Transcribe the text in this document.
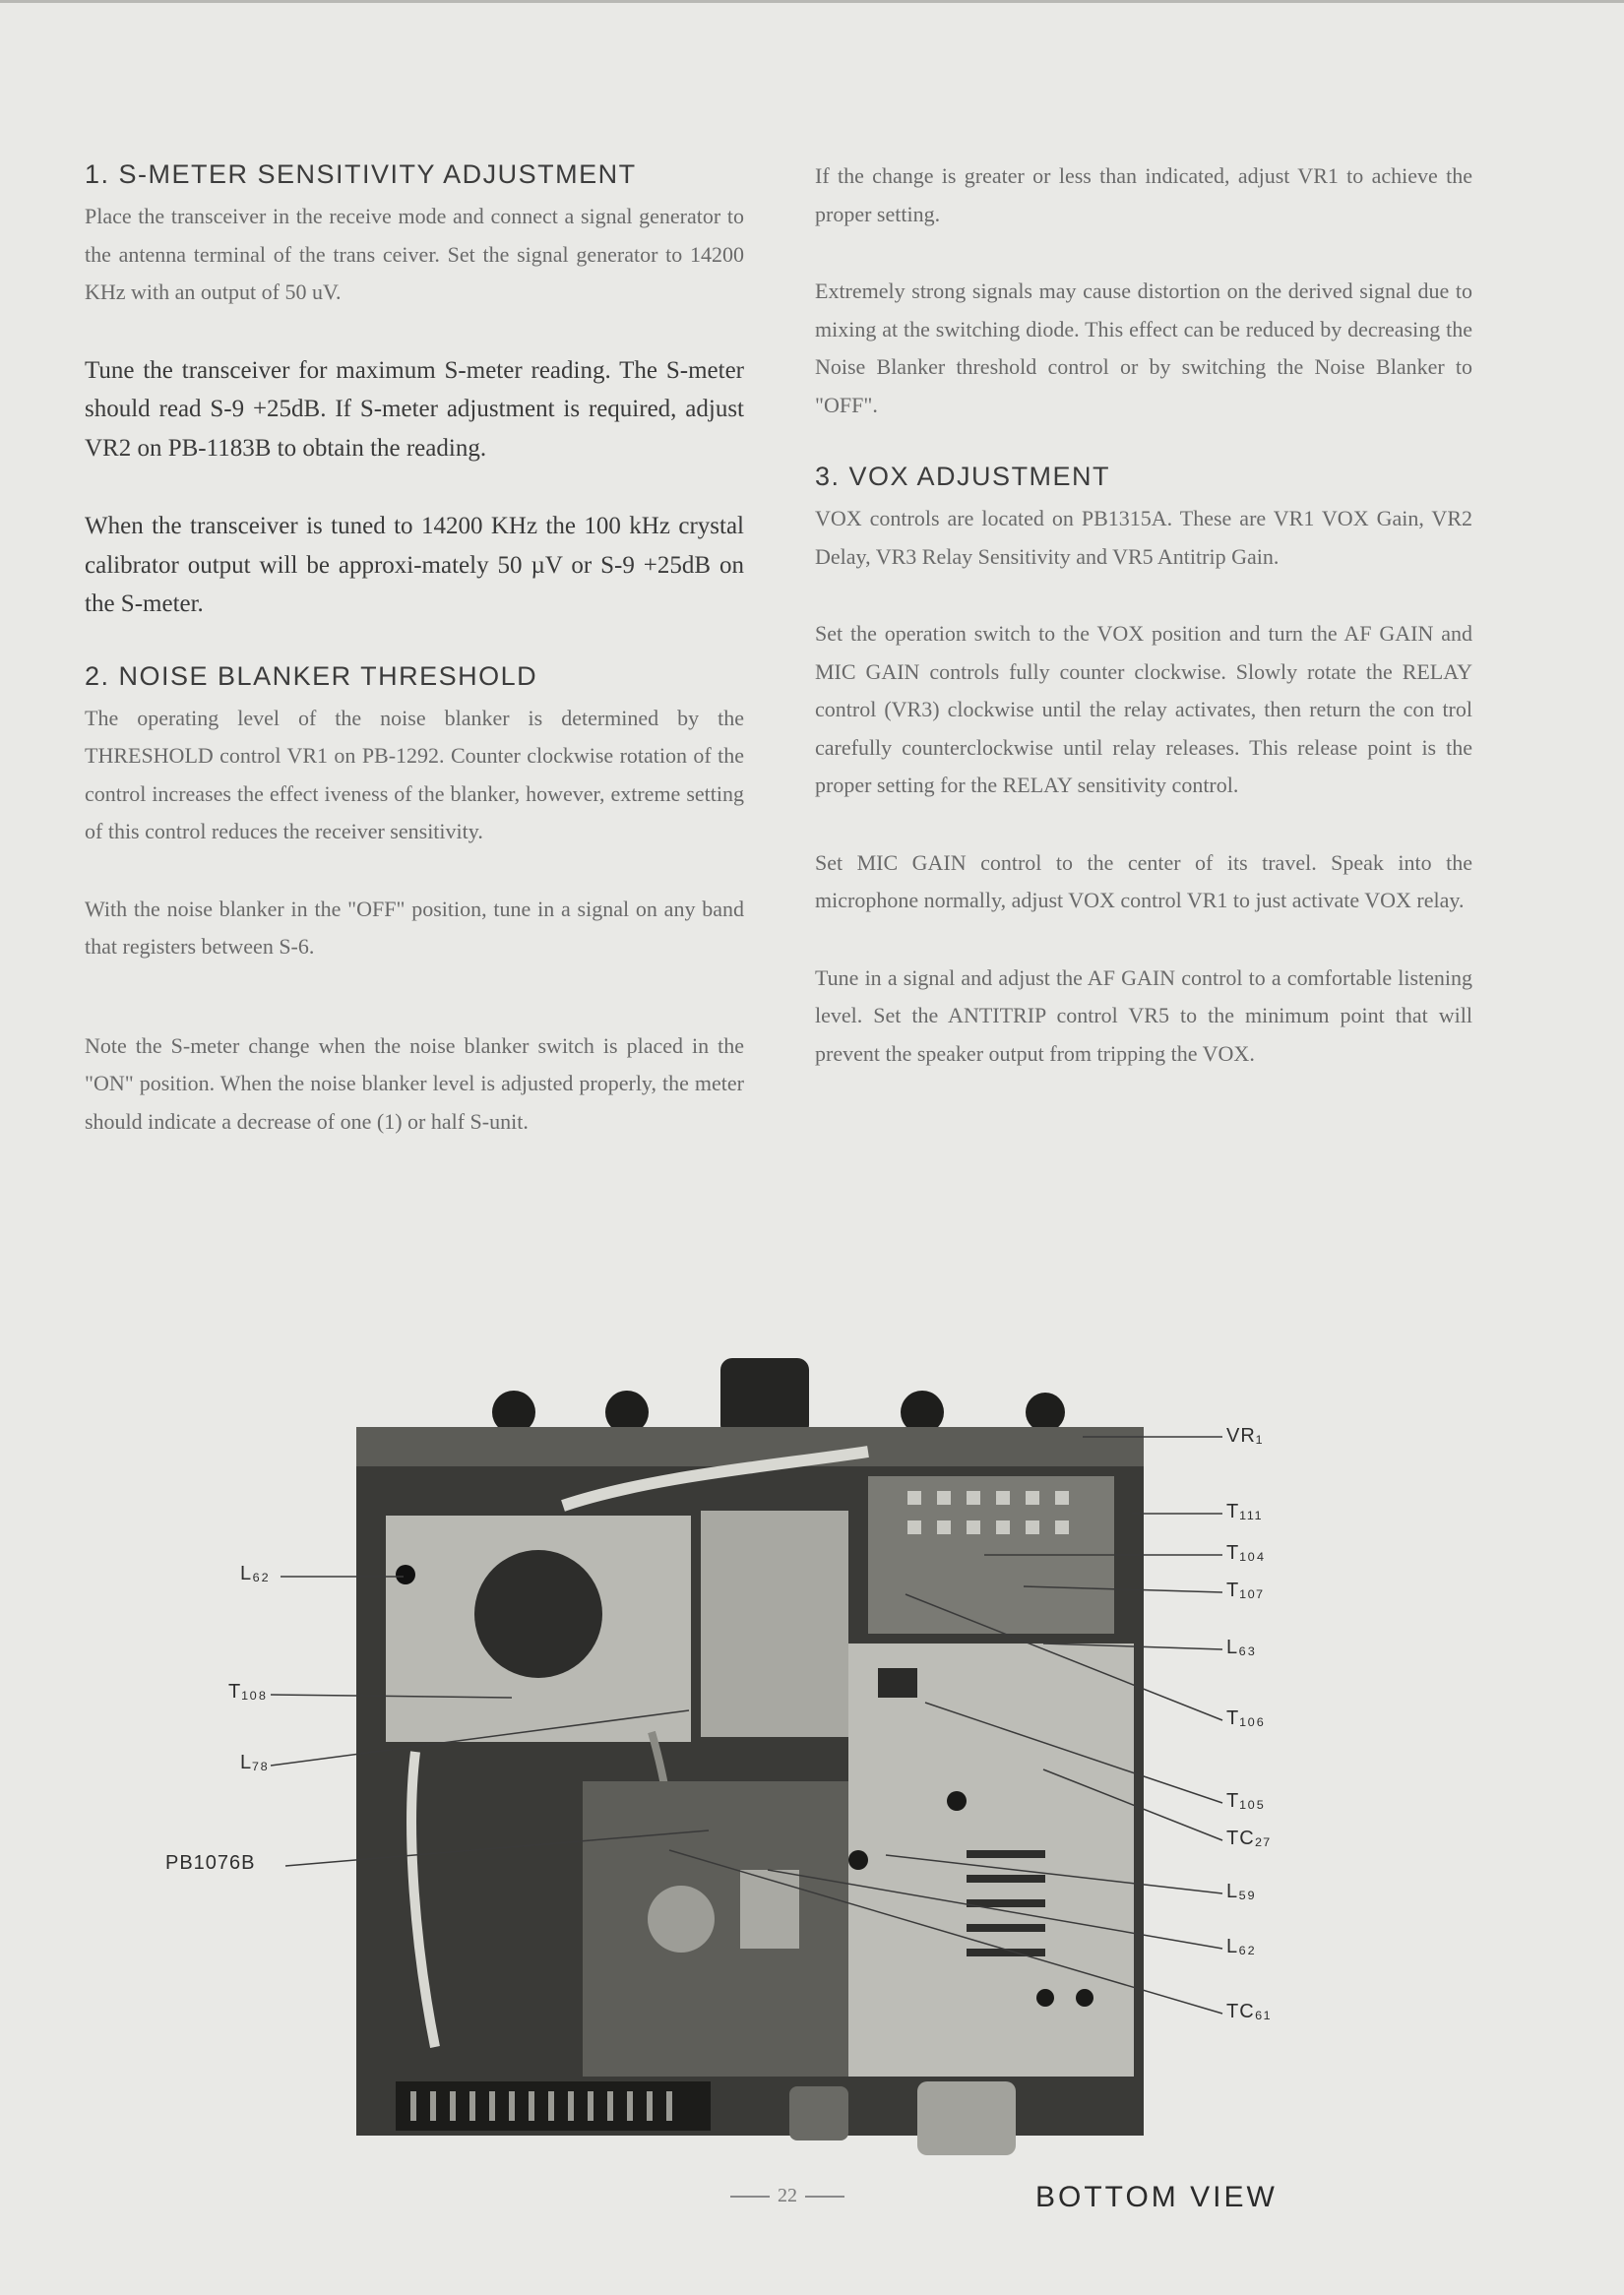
1. S-METER SENSITIVITY ADJUSTMENT

Place the transceiver in the receive mode and connect a signal generator to the antenna terminal of the trans ceiver. Set the signal generator to 14200 KHz with an output of 50 uV.

Tune the transceiver for maximum S-meter reading. The S-meter should read S-9 +25dB. If S-meter adjustment is required, adjust VR2 on PB-1183B to obtain the reading.

When the transceiver is tuned to 14200 KHz the 100 kHz crystal calibrator output will be approxi-mately 50 µV or S-9 +25dB on the S-meter.

2. NOISE BLANKER THRESHOLD

The operating level of the noise blanker is determined by the THRESHOLD control VR1 on PB-1292. Counter clockwise rotation of the control increases the effect iveness of the blanker, however, extreme setting of this control reduces the receiver sensitivity.

With the noise blanker in the "OFF" position, tune in a signal on any band that registers between S-6.

Note the S-meter change when the noise blanker switch is placed in the "ON" position. When the noise blanker level is adjusted properly, the meter should indicate a decrease of one (1) or half S-unit.

If the change is greater or less than indicated, adjust VR1 to achieve the proper setting.

Extremely strong signals may cause distortion on the derived signal due to mixing at the switching diode. This effect can be reduced by decreasing the Noise Blanker threshold control or by switching the Noise Blanker to "OFF".

3. VOX ADJUSTMENT

VOX controls are located on PB1315A. These are VR1 VOX Gain, VR2 Delay, VR3 Relay Sensitivity and VR5 Antitrip Gain.

Set the operation switch to the VOX position and turn the AF GAIN and MIC GAIN controls fully counter clockwise. Slowly rotate the RELAY control (VR3) clockwise until the relay activates, then return the con trol carefully counterclockwise until relay releases. This release point is the proper setting for the RELAY sensitivity control.

Set MIC GAIN control to the center of its travel. Speak into the microphone normally, adjust VOX control VR1 to just activate VOX relay.

Tune in a signal and adjust the AF GAIN control to a comfortable listening level. Set the ANTITRIP control VR5 to the minimum point that will prevent the speaker output from tripping the VOX.

L₆₂
T₁₀₈
L₇₈
PB1076B
VR₁
T₁₁₁
T₁₀₄
T₁₀₇
L₆₃
T₁₀₆
T₁₀₅
TC₂₇
L₅₉
L₆₂
TC₆₁
22	BOTTOM VIEW
